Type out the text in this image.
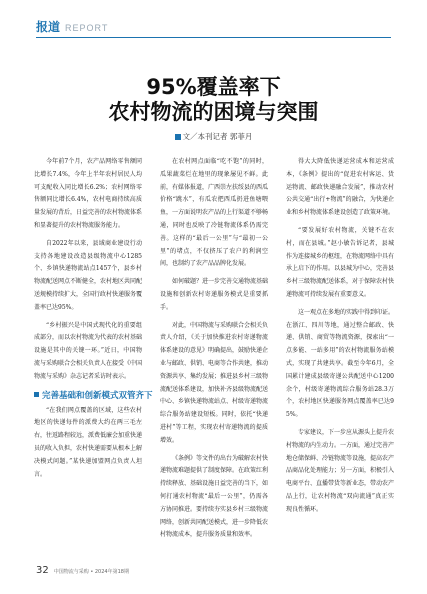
报道 REPORT
95%覆盖率下
农村物流的困境与突围
文／本刊记者 郭菲月

今年前7个月，农产品网络零售额同比增长7.4%，今年上半年农村居民人均可支配收入同比增长6.2%；农村网络零售额同比增长6.4%，农村电商持续高质量发展的背后，日益完善的农村物流体系和显著提升的农村物流服务能力。

自2022年以来，县域商业建设行动支持各地建设改造县级物流中心1285个、乡镇快递物流站点1457个，县乡村物流配送网点不断健全，农村地区共同配送规模持续扩大，全国行政村快递服务覆盖率已达95%。

“乡村振兴是中国式现代化的重要组成部分，而以农村物流为代表的农村基础设施是其中的关键一环。”近日，中国物流与采购联合会相关负责人在接受《中国物流与采购》杂志记者采访时表示。

完善基础和创新模式双管齐下

“在我们网点覆盖的区域，这些农村地区的快递每件的派费大约在两三毛左右，往返路程较远，派费低廉会加重快递员的收入负担，农村快递需要从根本上解决模式问题。”某快递加盟网点负责人坦言。

在农村网点面临“吃不饱”的同时，瓜果蔬菜烂在地里的现象屡见不鲜。此前，有媒体报道，广西崇左扶绥县的西瓜价格“跳水”，有瓜农把西瓜扔进鱼塘喂鱼，一方面说明农产品的上行渠道不够畅通，同时也反映了冷链物流体系仍需完善。这样的“最后一公里”与“最初一公里”的堵点，不仅挤压了农户的利润空间，也制约了农产品品牌化发展。

如何破题？进一步完善交通物流基础设施和创新农村寄递服务模式是重要抓手。

对此，中国物流与采购联合会相关负责人介绍，《关于加快推进农村寄递物流体系建设的意见》明确提出，鼓励快递企业与邮政、供销、电商等合作共建，推动资源共享、集约发展；推进县乡村三级物流配送体系建设，加快补齐县级物流配送中心、乡镇快递物流站点、村级寄递物流综合服务站建设短板。同时，依托“快递进村”等工程，实现农村寄递物流的提质增效。

《条例》等文件的出台为破解农村快递物流难题提供了制度保障。在政策红利持续释放、基础设施日益完善的当下，如何打通农村物流“最后一公里”，仍需各方协同推进。要持续夯实县乡村三级物流网络，创新共同配送模式，进一步降低农村物流成本，提升服务质量和效率。

得大大降低快递运营成本和运营成本，《条例》提出的“促进农村客运、货运物流、邮政快递融合发展”，推动农村公共交通“出行+物流”的融合，为快递企业和乡村物流体系建设创造了政策环境。

“要发展好农村物流，关键不在农村，而在县城。”赵小敏告诉记者，县城作为连接城乡的枢纽，在物流网络中具有承上启下的作用。以县城为中心，完善县乡村三级物流配送体系，对于保障农村快递物流可持续发展有重要意义。

这一观点在多地的实践中得到印证。在浙江、四川等地，通过整合邮政、快递、供销、商贸等物流资源，探索出“一点多能、一站多用”的农村物流服务站模式，实现了共建共享。截至今年6月，全国累计建成县级寄递公共配送中心1200余个，村级寄递物流综合服务站28.3万个，农村地区快递服务网点覆盖率已达95%。

专家建议，下一步应从源头上提升农村物流的内生动力。一方面，通过完善产地仓储保鲜、冷链物流等设施，提高农产品商品化处理能力；另一方面，积极引入电商平台、直播带货等新业态，带动农产品上行，让农村物流“双向流通”真正实现良性循环。

32 中国物流与采购 • 2024年第18期
